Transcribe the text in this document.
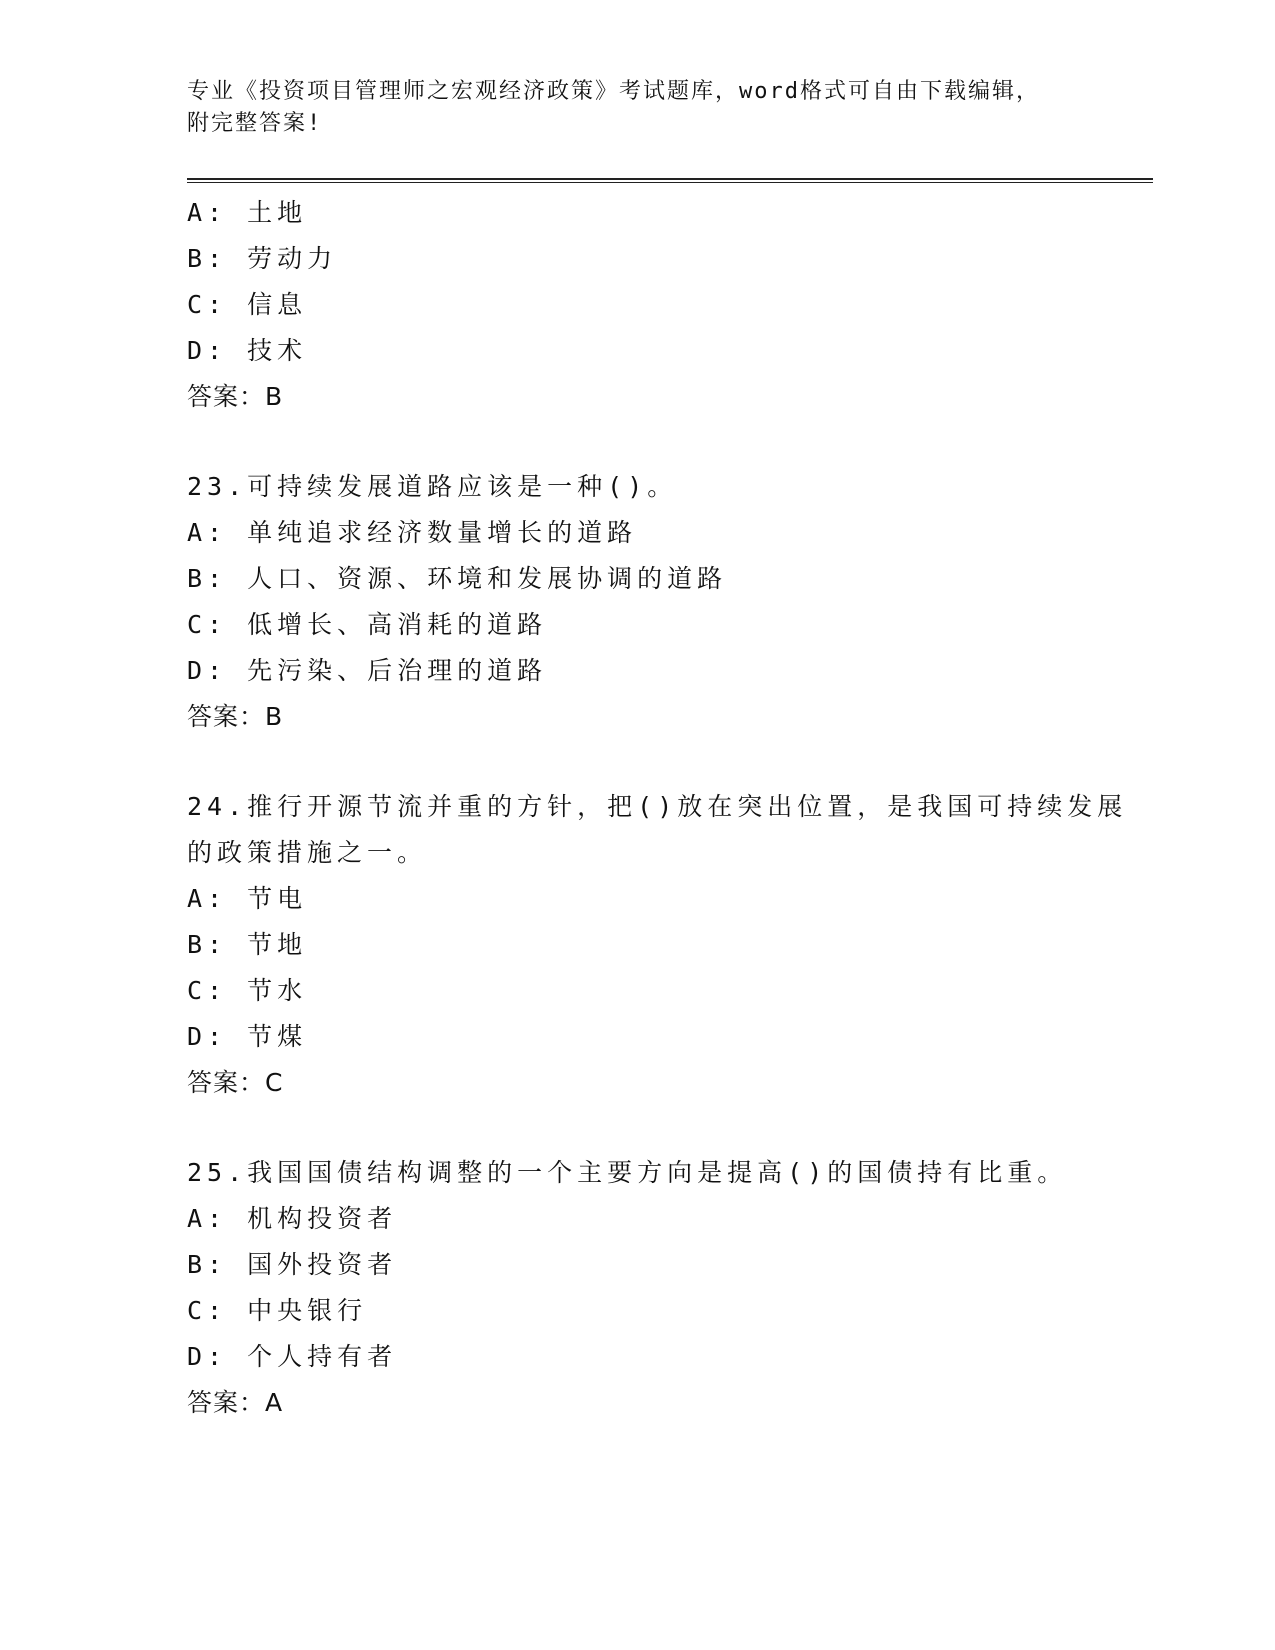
专业《投资项目管理师之宏观经济政策》考试题库，word格式可自由下载编辑，
附完整答案!
A: 土地
B: 劳动力
C: 信息
D: 技术
答案：B
23.可持续发展道路应该是一种()。
A: 单纯追求经济数量增长的道路
B: 人口、资源、环境和发展协调的道路
C: 低增长、高消耗的道路
D: 先污染、后治理的道路
答案：B
24.推行开源节流并重的方针，把()放在突出位置，是我国可持续发展
的政策措施之一。
A: 节电
B: 节地
C: 节水
D: 节煤
答案：C
25.我国国债结构调整的一个主要方向是提高()的国债持有比重。
A: 机构投资者
B: 国外投资者
C: 中央银行
D: 个人持有者
答案：A
